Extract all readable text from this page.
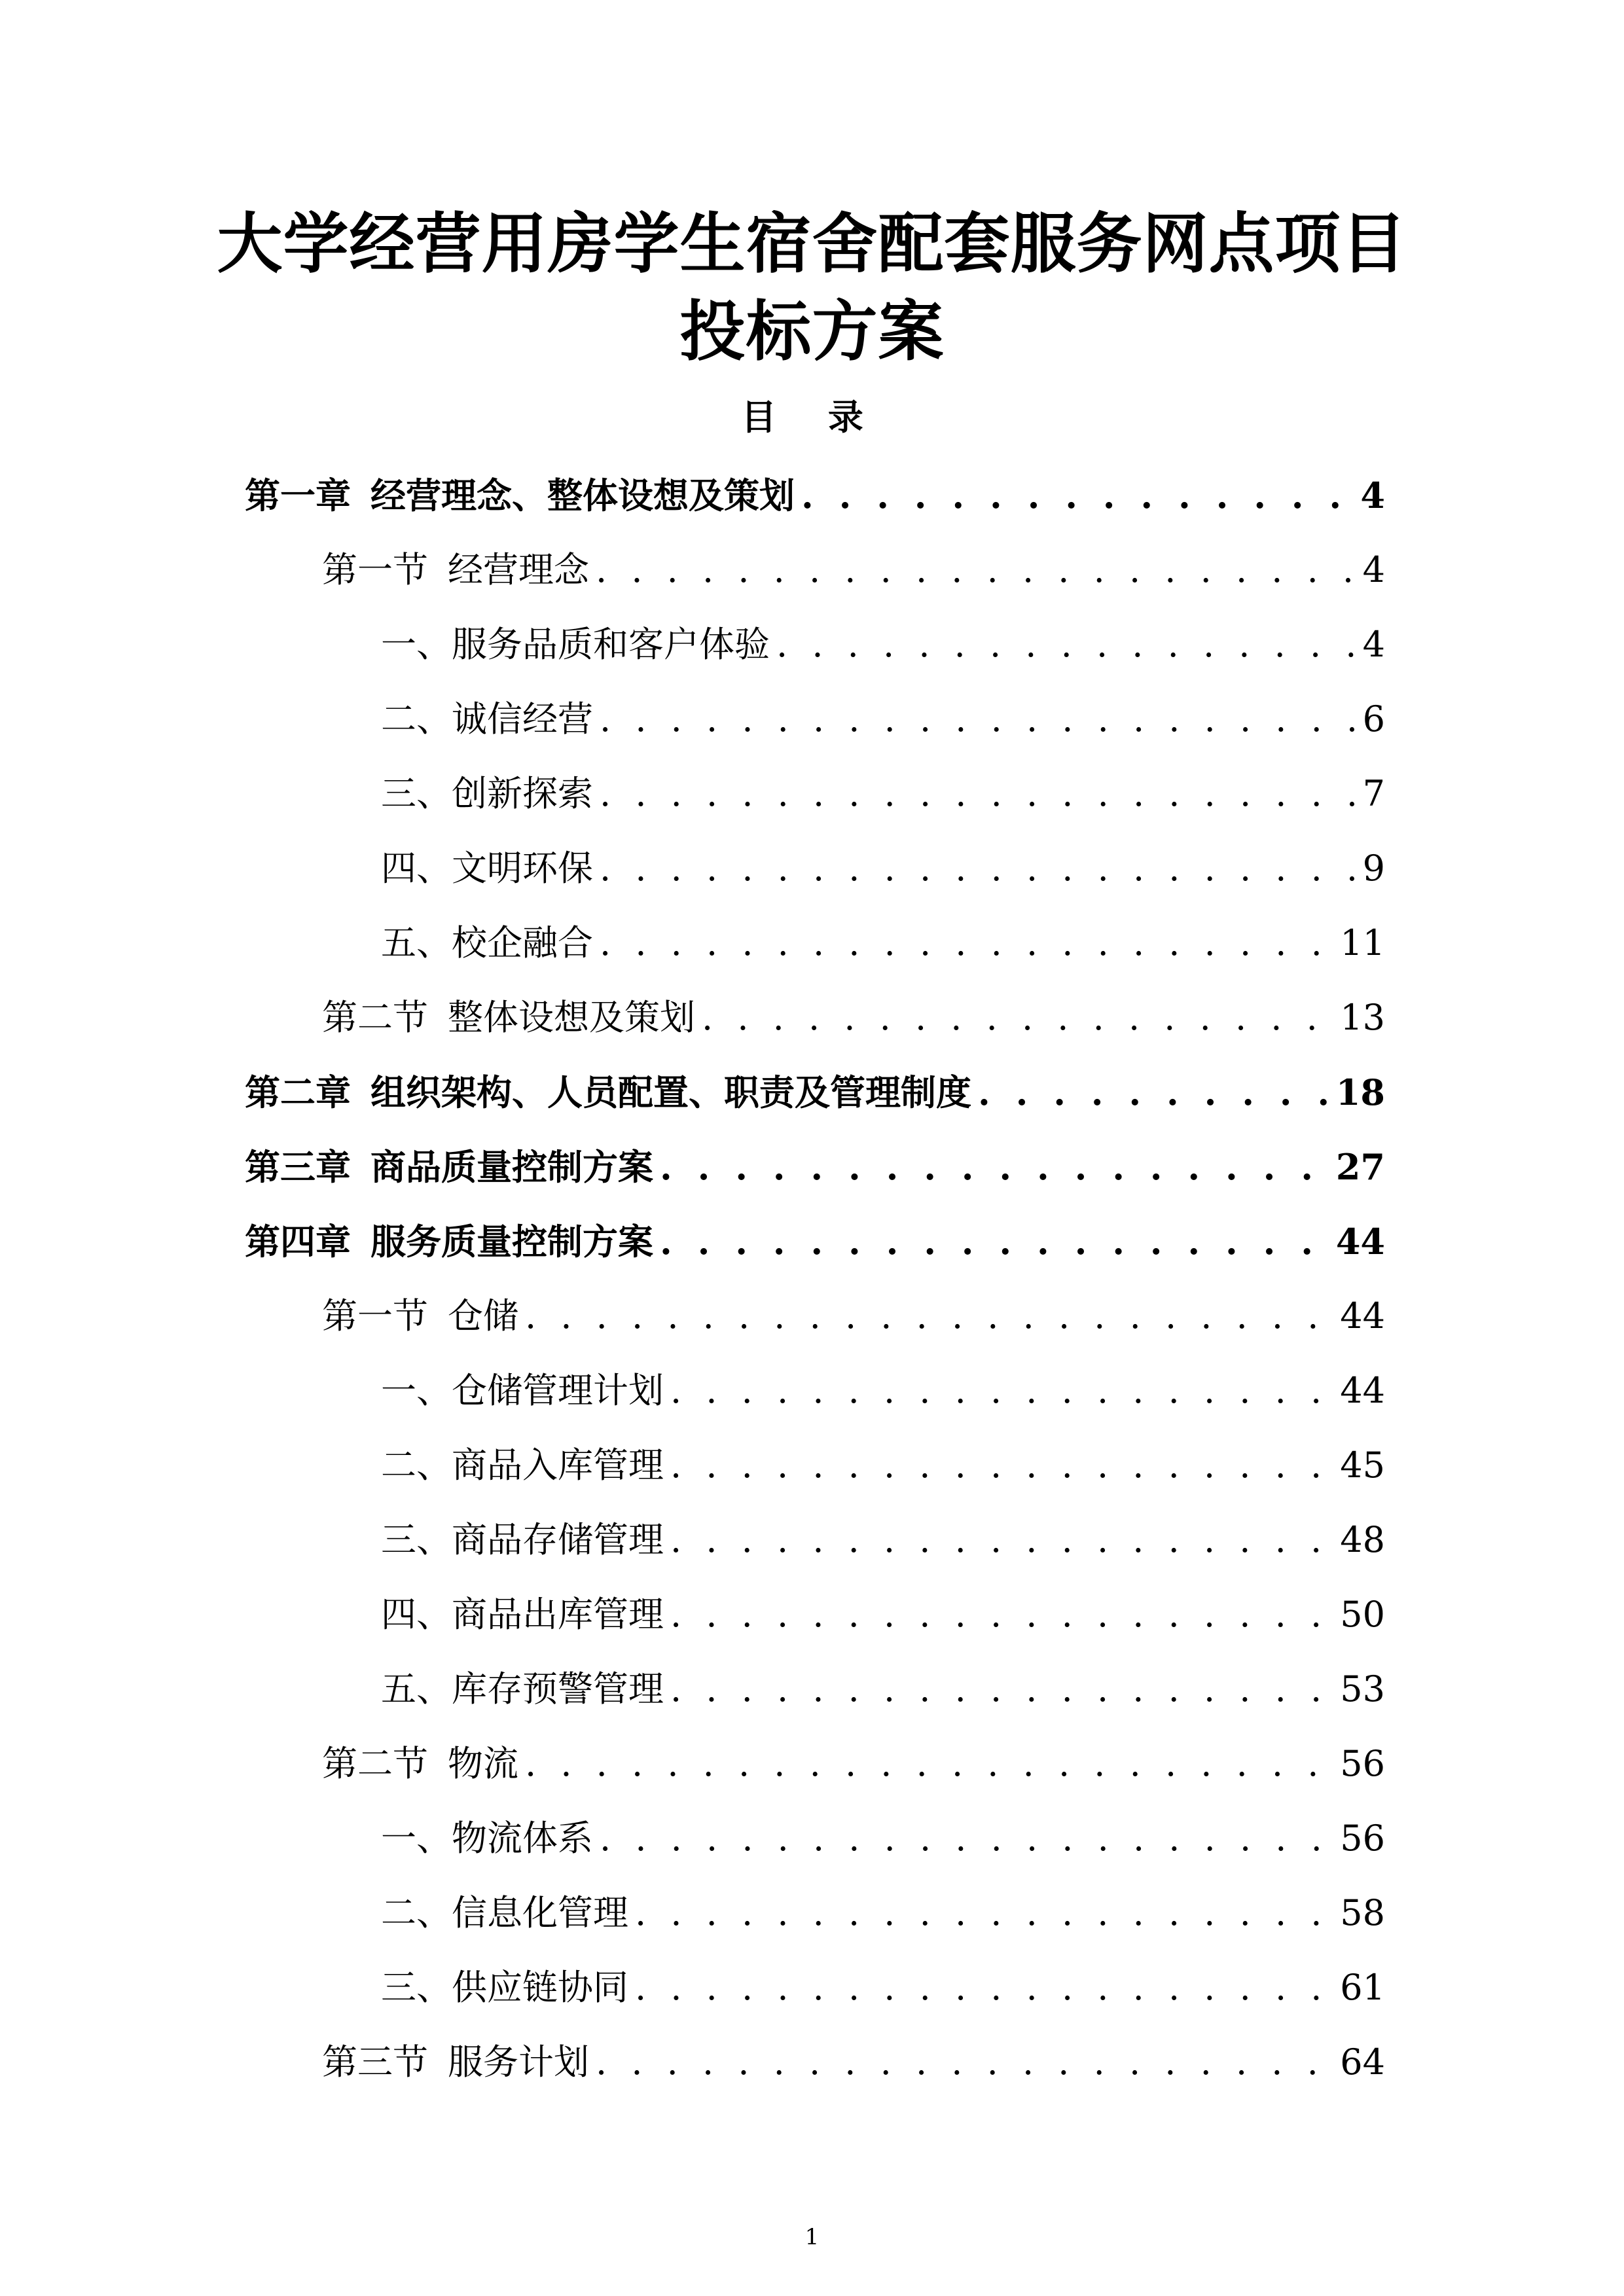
大学经营用房学生宿舍配套服务网点项目
投标方案
目 录
第一章 经营理念、整体设想及策划 . . .	4
第一节 经营理念 . . .	4
一、 服务品质和客户体验 . . .	4
二、 诚信经营 . . .	6
三、 创新探索 . . .	7
四、 文明环保 . . .	9
五、 校企融合 . . .	11
第二节 整体设想及策划 . . .	13
第二章 组织架构、人员配置、职责及管理制度 . . .	18
第三章 商品质量控制方案 . . .	27
第四章 服务质量控制方案 . . .	44
第一节 仓储 . . .	44
一、 仓储管理计划 . . .	44
二、 商品入库管理 . . .	45
三、 商品存储管理 . . .	48
四、 商品出库管理 . . .	50
五、 库存预警管理 . . .	53
第二节 物流 . . .	56
一、 物流体系 . . .	56
二、 信息化管理 . . .	58
三、 供应链协同 . . .	61
第三节 服务计划 . . .	64
1
